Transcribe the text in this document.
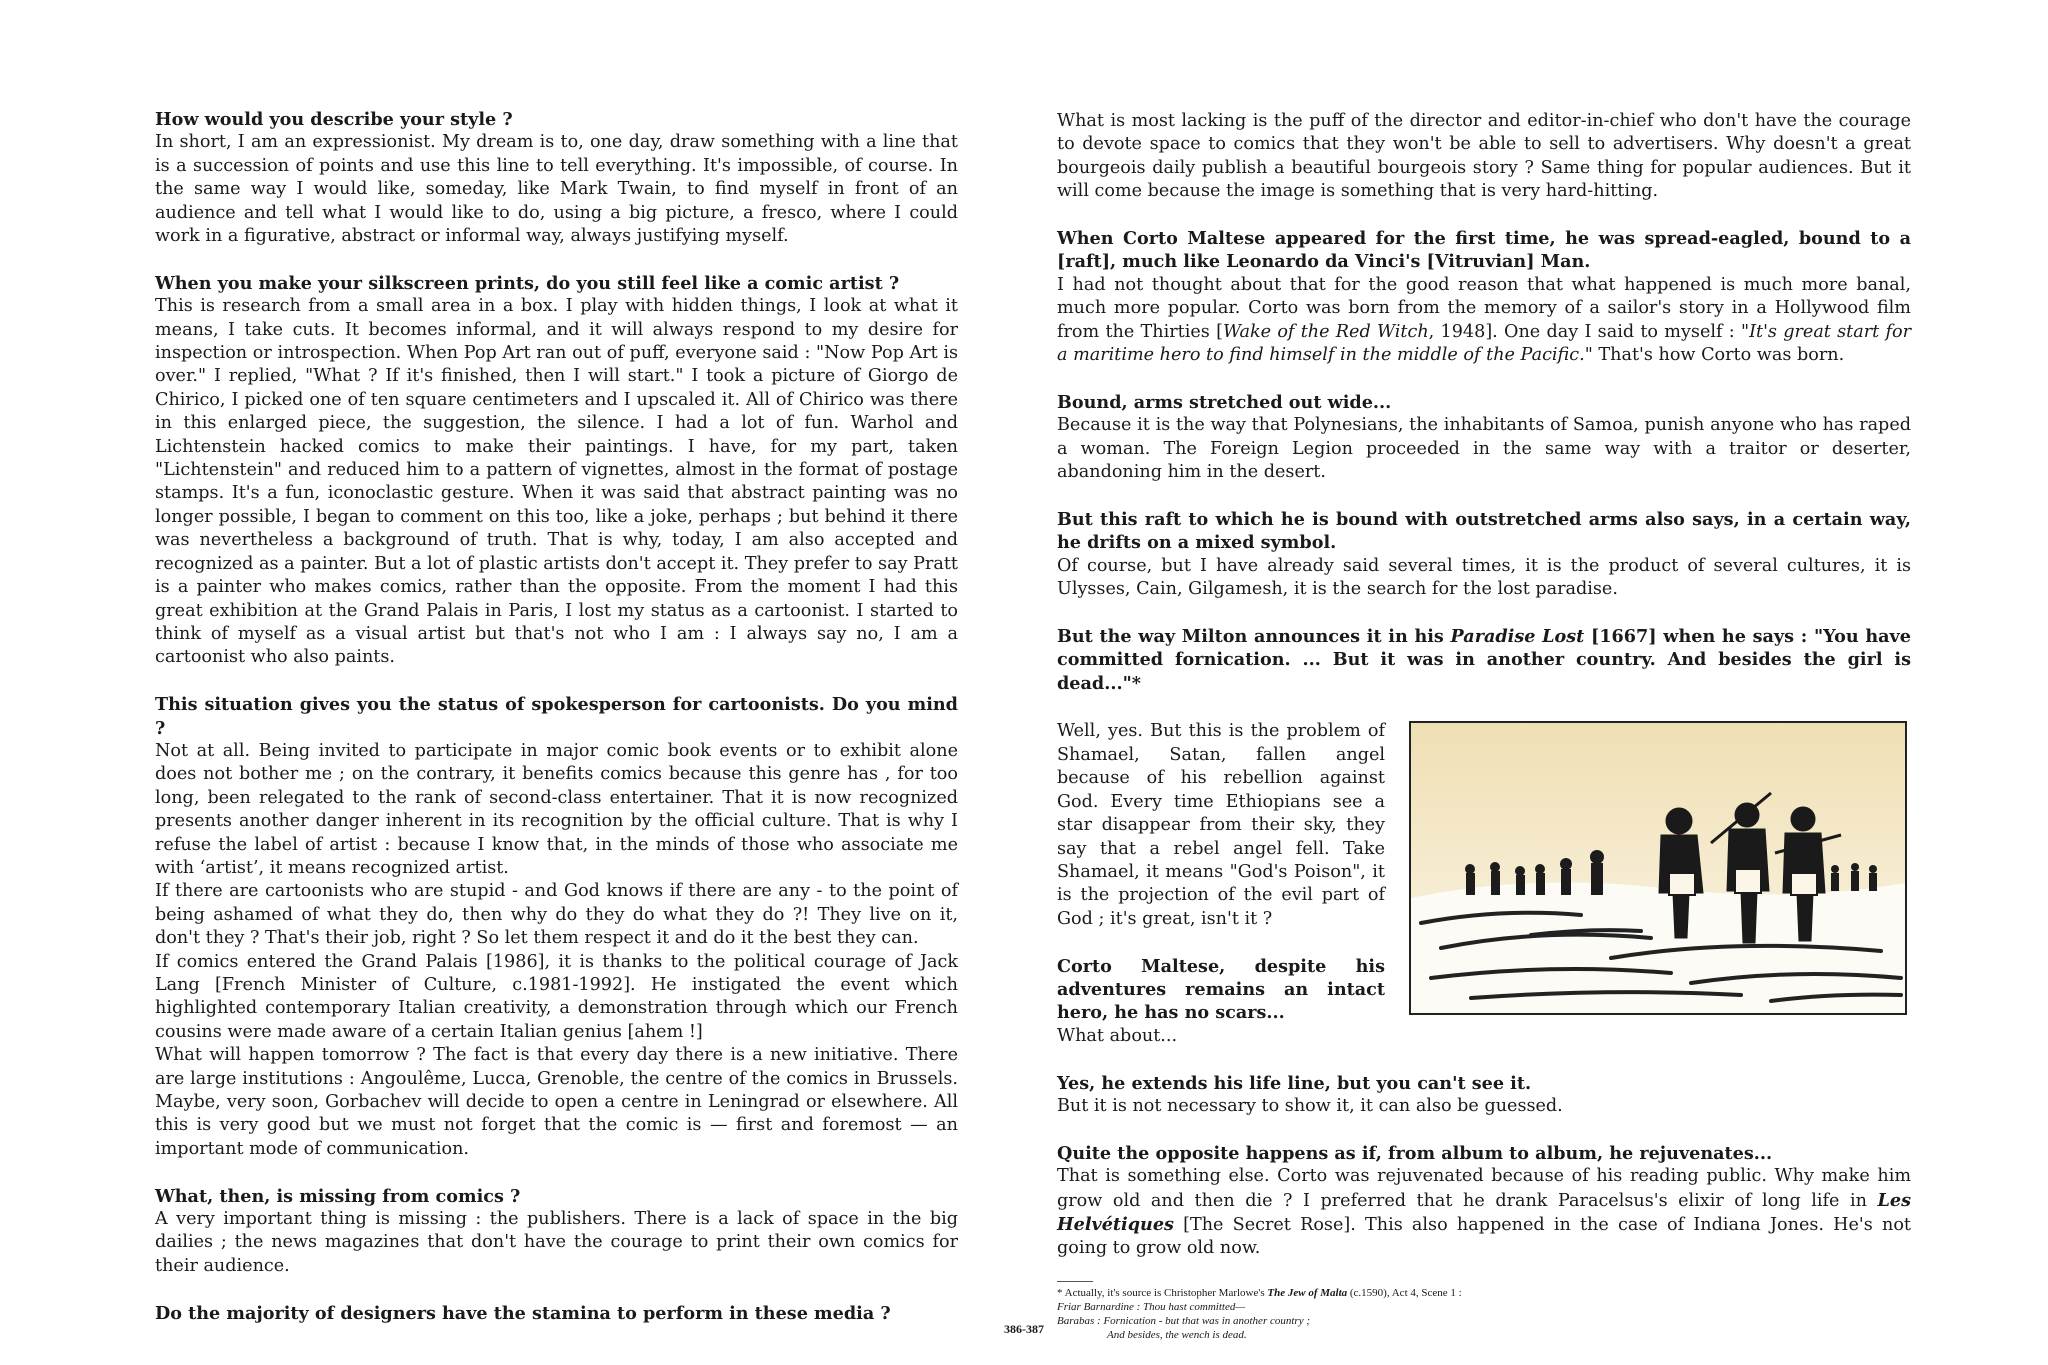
How would you describe your style ?

In short, I am an expressionist. My dream is to, one day, draw something with a line that is a succession of points and use this line to tell everything. It's impossible, of course. In the same way I would like, someday, like Mark Twain, to find myself in front of an audience and tell what I would like to do, using a big picture, a fresco, where I could work in a figurative, abstract or informal way, always justifying myself.

When you make your silkscreen prints, do you still feel like a comic artist ?

This is research from a small area in a box. I play with hidden things, I look at what it means, I take cuts. It becomes informal, and it will always respond to my desire for inspection or introspection. When Pop Art ran out of puff, everyone said : "Now Pop Art is over." I replied, "What ? If it's finished, then I will start." I took a picture of Giorgo de Chirico, I picked one of ten square centimeters and I upscaled it. All of Chirico was there in this enlarged piece, the suggestion, the silence. I had a lot of fun. Warhol and Lichtenstein hacked comics to make their paintings. I have, for my part, taken "Lichtenstein" and reduced him to a pattern of vignettes, almost in the format of postage stamps. It's a fun, iconoclastic gesture. When it was said that abstract painting was no longer possible, I began to comment on this too, like a joke, perhaps ; but behind it there was nevertheless a background of truth. That is why, today, I am also accepted and recognized as a painter. But a lot of plastic artists don't accept it. They prefer to say Pratt is a painter who makes comics, rather than the opposite. From the moment I had this great exhibition at the Grand Palais in Paris, I lost my status as a cartoonist. I started to think of myself as a visual artist but that's not who I am : I always say no, I am a cartoonist who also paints.

This situation gives you the status of spokesperson for cartoonists. Do you mind ?

Not at all. Being invited to participate in major comic book events or to exhibit alone does not bother me ; on the contrary, it benefits comics because this genre has , for too long, been relegated to the rank of second-class entertainer. That it is now recognized presents another danger inherent in its recognition by the official culture. That is why I refuse the label of artist : because I know that, in the minds of those who associate me with ‘artist’, it means recognized artist.

If there are cartoonists who are stupid - and God knows if there are any - to the point of being ashamed of what they do, then why do they do what they do ?! They live on it, don't they ? That's their job, right ? So let them respect it and do it the best they can.

If comics entered the Grand Palais [1986], it is thanks to the political courage of Jack Lang [French Minister of Culture, c.1981-1992]. He instigated the event which highlighted contemporary Italian creativity, a demonstration through which our French cousins were made aware of a certain Italian genius [ahem !]

What will happen tomorrow ? The fact is that every day there is a new initiative. There are large institutions : Angoulême, Lucca, Grenoble, the centre of the comics in Brussels. Maybe, very soon, Gorbachev will decide to open a centre in Leningrad or elsewhere. All this is very good but we must not forget that the comic is — first and foremost — an important mode of communication.

What, then, is missing from comics ?

A very important thing is missing : the publishers. There is a lack of space in the big dailies ; the news magazines that don't have the courage to print their own comics for their audience.

Do the majority of designers have the stamina to perform in these media ?

What is most lacking is the puff of the director and editor-in-chief who don't have the courage to devote space to comics that they won't be able to sell to advertisers. Why doesn't a great bourgeois daily publish a beautiful bourgeois story ? Same thing for popular audiences. But it will come because the image is something that is very hard-hitting.

When Corto Maltese appeared for the first time, he was spread-eagled, bound to a [raft], much like Leonardo da Vinci's [Vitruvian] Man.

I had not thought about that for the good reason that what happened is much more banal, much more popular. Corto was born from the memory of a sailor's story in a Hollywood film from the Thirties [Wake of the Red Witch, 1948]. One day I said to myself : "It's great start for a maritime hero to find himself in the middle of the Pacific." That's how Corto was born.

Bound, arms stretched out wide...

Because it is the way that Polynesians, the inhabitants of Samoa, punish anyone who has raped a woman. The Foreign Legion proceeded in the same way with a traitor or deserter, abandoning him in the desert.

But this raft to which he is bound with outstretched arms also says, in a certain way, he drifts on a mixed symbol.

Of course, but I have already said several times, it is the product of several cultures, it is Ulysses, Cain, Gilgamesh, it is the search for the lost paradise.

But the way Milton announces it in his Paradise Lost [1667] when he says : "You have committed fornication. ... But it was in another country. And besides the girl is dead..."*

Well, yes. But this is the problem of Shamael, Satan, fallen angel because of his rebellion against God. Every time Ethiopians see a star disappear from their sky, they say that a rebel angel fell. Take Shamael, it means "God's Poison", it is the projection of the evil part of God ; it's great, isn't it ?

Corto Maltese, despite his adventures remains an intact hero, he has no scars...

What about...

Yes, he extends his life line, but you can't see it.

But it is not necessary to show it, it can also be guessed.

Quite the opposite happens as if, from album to album, he rejuvenates...

That is something else. Corto was rejuvenated because of his reading public. Why make him grow old and then die ? I preferred that he drank Paracelsus's elixir of long life in Les Helvétiques [The Secret Rose]. This also happened in the case of Indiana Jones. He's not going to grow old now.

* Actually, it's source is Christopher Marlowe's The Jew of Malta (c.1590), Act 4, Scene 1 :
Friar Barnardine : Thou hast committed—
Barabas : Fornication - but that was in another country ;
And besides, the wench is dead.
386-387
